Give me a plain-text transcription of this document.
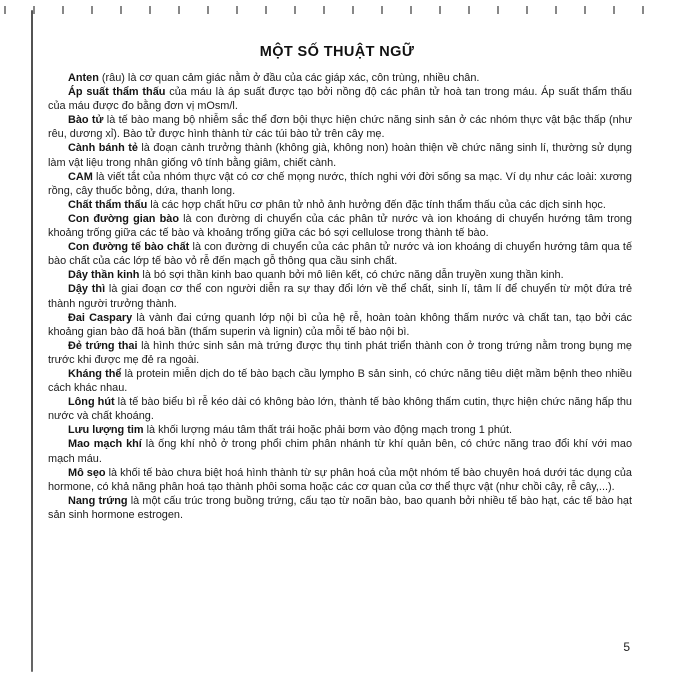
MỘT SỐ THUẬT NGỮ

Anten (râu) là cơ quan cảm giác nằm ở đầu của các giáp xác, côn trùng, nhiều chân.

Áp suất thẩm thấu của máu là áp suất được tạo bởi nồng độ các phân tử hoà tan trong máu. Áp suất thẩm thấu của máu được đo bằng đơn vị mOsm/l.

Bào tử là tế bào mang bộ nhiễm sắc thể đơn bội thực hiện chức năng sinh sản ở các nhóm thực vật bậc thấp (như rêu, dương xỉ). Bào tử được hình thành từ các túi bào tử trên cây mẹ.

Cành bánh tẻ là đoạn cành trưởng thành (không già, không non) hoàn thiện về chức năng sinh lí, thường sử dụng làm vật liệu trong nhân giống vô tính bằng giâm, chiết cành.

CAM là viết tắt của nhóm thực vật có cơ chế mọng nước, thích nghi với đời sống sa mạc. Ví dụ như các loài: xương rồng, cây thuốc bỏng, dứa, thanh long.

Chất thẩm thấu là các hợp chất hữu cơ phân tử nhỏ ảnh hưởng đến đặc tính thẩm thấu của các dịch sinh học.

Con đường gian bào là con đường di chuyển của các phân tử nước và ion khoáng di chuyển hướng tâm trong khoảng trống giữa các tế bào và khoảng trống giữa các bó sợi cellulose trong thành tế bào.

Con đường tế bào chất là con đường di chuyển của các phân tử nước và ion khoáng di chuyển hướng tâm qua tế bào chất của các lớp tế bào vỏ rễ đến mạch gỗ thông qua cầu sinh chất.

Dây thần kinh là bó sợi thần kinh bao quanh bởi mô liên kết, có chức năng dẫn truyền xung thần kinh.

Dậy thì là giai đoạn cơ thể con người diễn ra sự thay đổi lớn về thể chất, sinh lí, tâm lí để chuyển từ một đứa trẻ thành người trưởng thành.

Đai Caspary là vành đai cứng quanh lớp nội bì của hệ rễ, hoàn toàn không thấm nước và chất tan, tạo bởi các khoảng gian bào đã hoá bần (thấm superin và lignin) của mỗi tế bào nội bì.

Đẻ trứng thai là hình thức sinh sản mà trứng được thụ tinh phát triển thành con ở trong trứng nằm trong bụng mẹ trước khi được mẹ đẻ ra ngoài.

Kháng thể là protein miễn dịch do tế bào bạch cầu lympho B sản sinh, có chức năng tiêu diệt mầm bệnh theo nhiều cách khác nhau.

Lông hút là tế bào biểu bì rễ kéo dài có không bào lớn, thành tế bào không thấm cutin, thực hiện chức năng hấp thu nước và chất khoáng.

Lưu lượng tim là khối lượng máu tâm thất trái hoặc phải bơm vào động mạch trong 1 phút.

Mao mạch khí là ống khí nhỏ ở trong phổi chim phân nhánh từ khí quản bên, có chức năng trao đổi khí với mao mạch máu.

Mô sẹo là khối tế bào chưa biệt hoá hình thành từ sự phân hoá của một nhóm tế bào chuyên hoá dưới tác dụng của hormone, có khả năng phân hoá tạo thành phôi soma hoặc các cơ quan của cơ thể thực vật (như chồi cây, rễ cây,...).

Nang trứng là một cấu trúc trong buồng trứng, cấu tạo từ noãn bào, bao quanh bởi nhiều tế bào hạt, các tế bào hạt sản sinh hormone estrogen.

5
